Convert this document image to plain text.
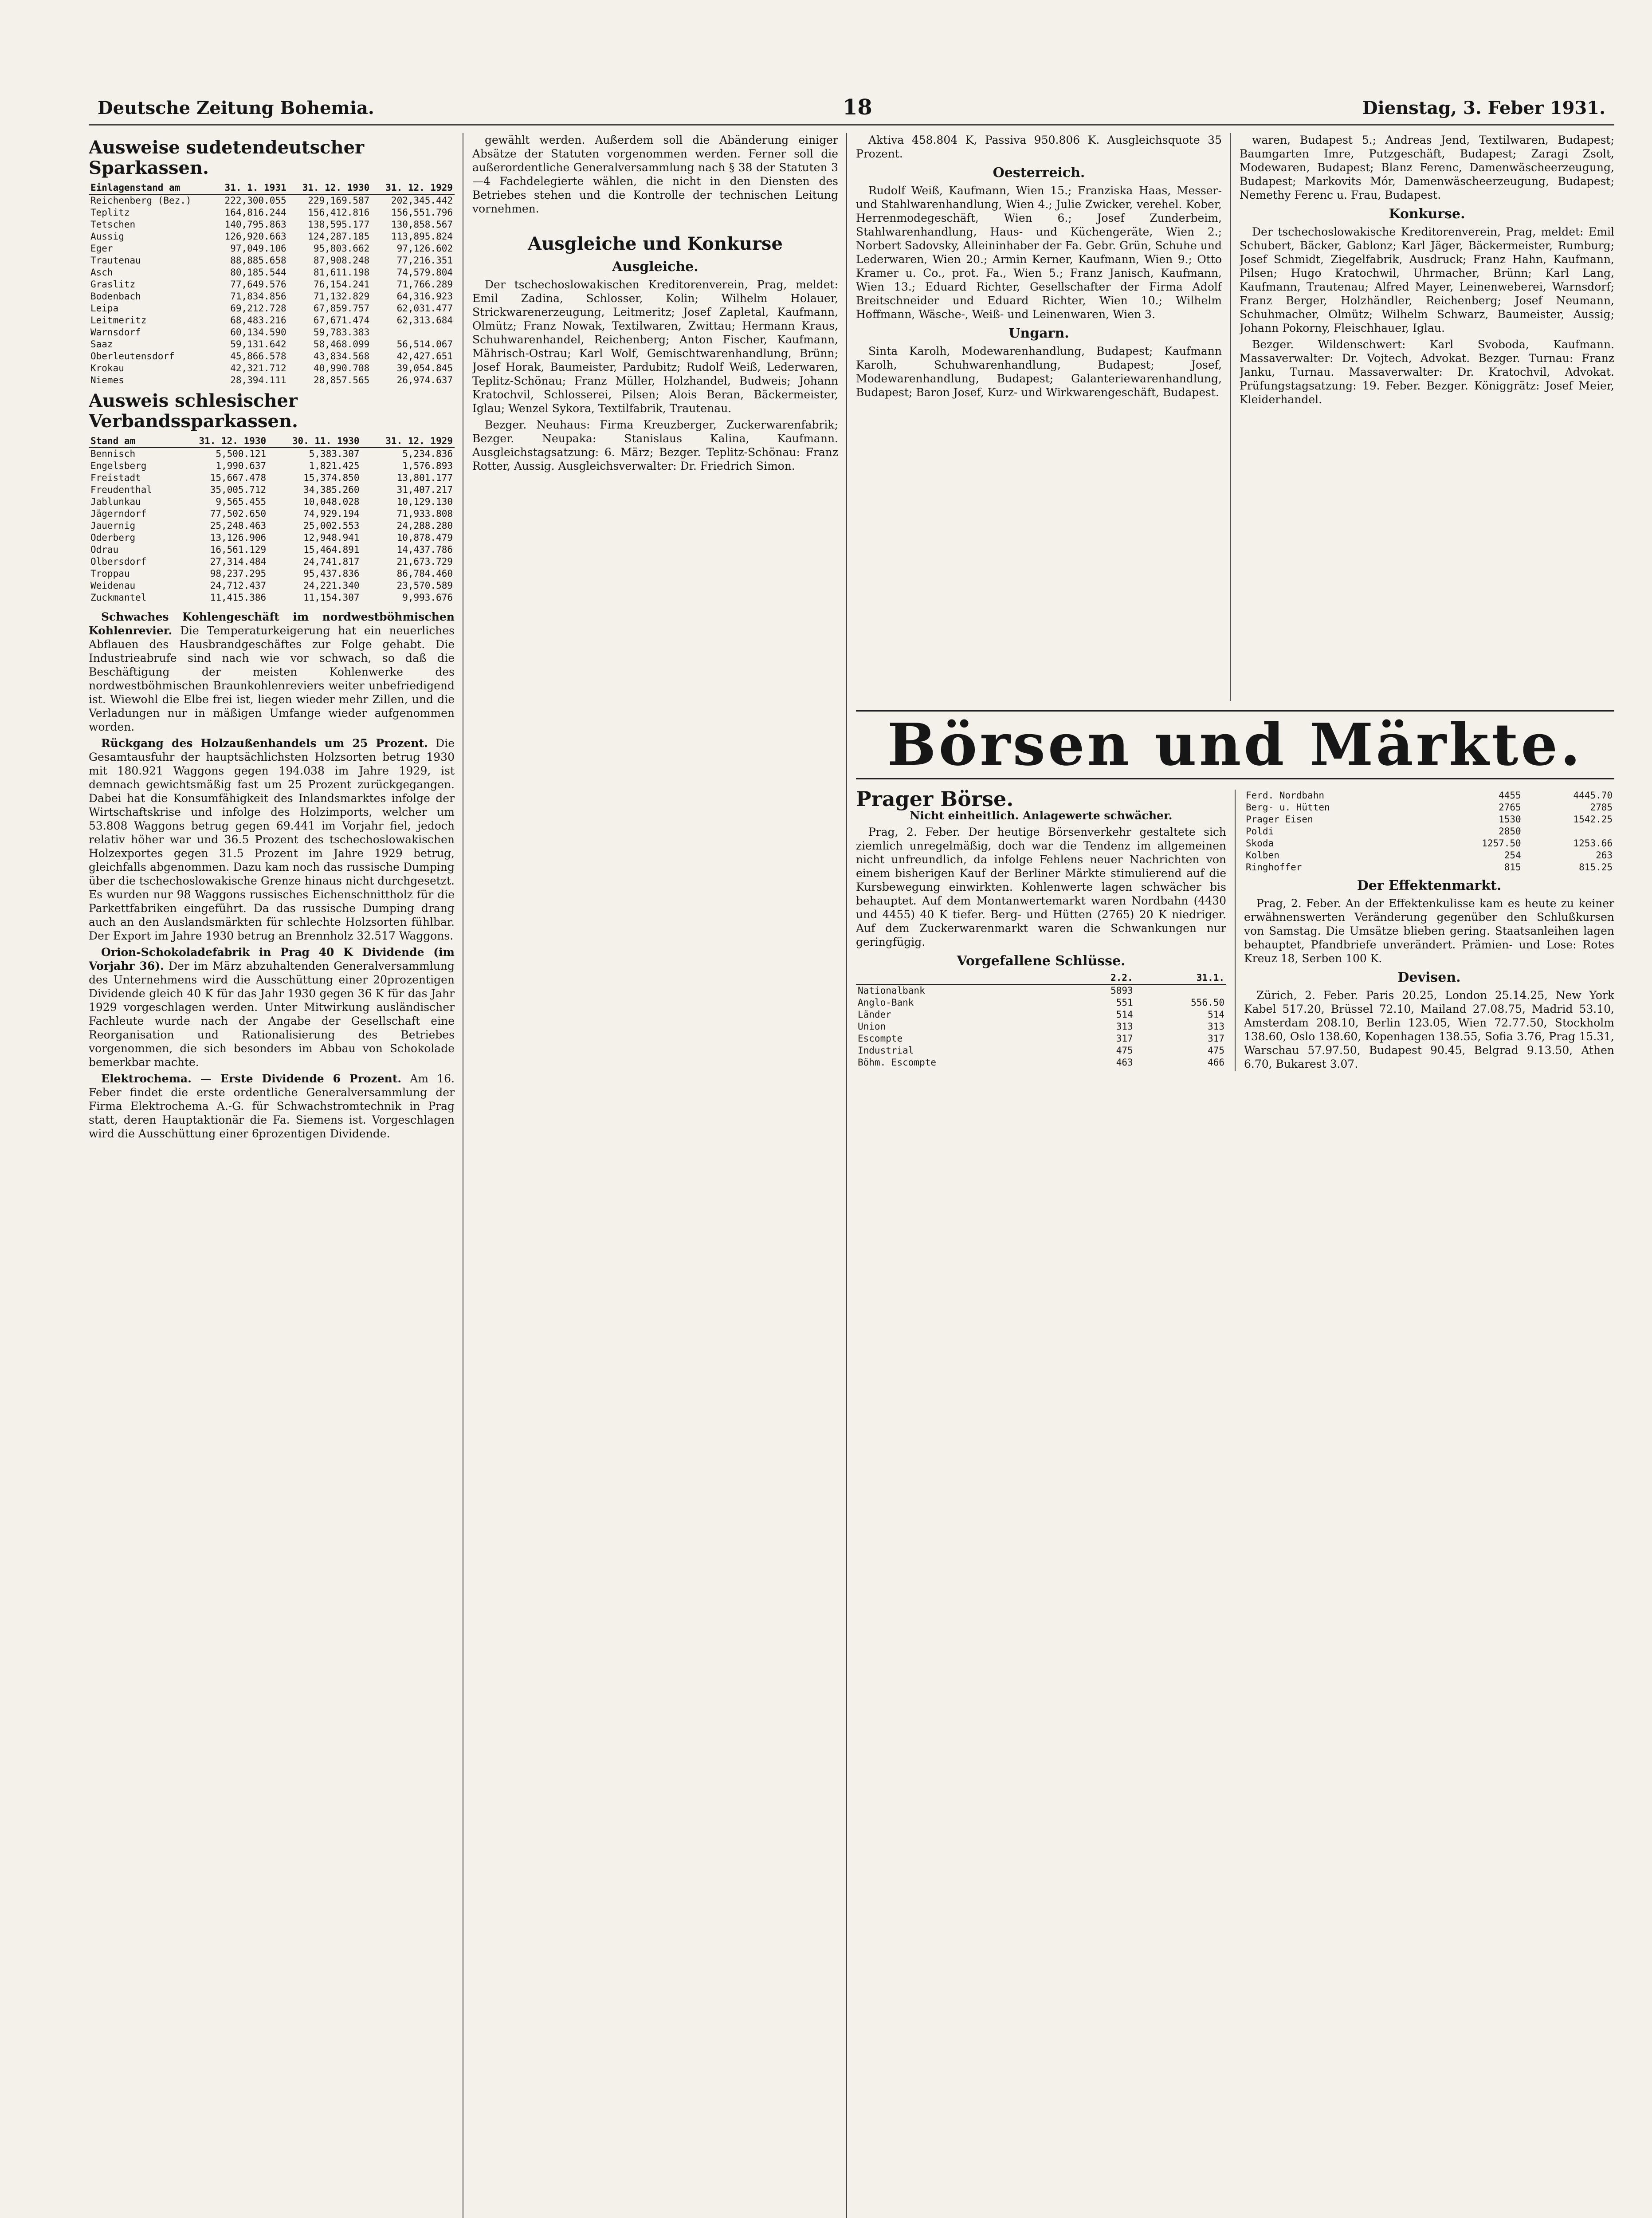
Deutsche Zeitung Bohemia.	18	Dienstag, 3. Feber 1931.
Ausweise sudetendeutscher Sparkassen.
Einlagenstand am	31. 1. 1931	31. 12. 1930	31. 12. 1929
Reichenberg (Bez.)	222,300.055	229,169.587	202,345.442
Teplitz	164,816.244	156,412.816	156,551.796
Tetschen	140,795.863	138,595.177	130,858.567
Aussig	126,920.663	124,287.185	113,895.824
Eger	97,049.106	95,803.662	97,126.602
Trautenau	88,885.658	87,908.248	77,216.351
Asch	80,185.544	81,611.198	74,579.804
Graslitz	77,649.576	76,154.241	71,766.289
Bodenbach	71,834.856	71,132.829	64,316.923
Leipa	69,212.728	67,859.757	62,031.477
Leitmeritz	68,483.216	67,671.474	62,313.684
Warnsdorf	60,134.590	59,783.383	
Saaz	59,131.642	58,468.099	56,514.067
Oberleutensdorf	45,866.578	43,834.568	42,427.651
Krokau	42,321.712	40,990.708	39,054.845
Niemes	28,394.111	28,857.565	26,974.637
Ausweis schlesischer Verbandssparkassen.
Stand am	31. 12. 1930	30. 11. 1930	31. 12. 1929
Bennisch	5,500.121	5,383.307	5,234.836
Engelsberg	1,990.637	1,821.425	1,576.893
Freistadt	15,667.478	15,374.850	13,801.177
Freudenthal	35,005.712	34,385.260	31,407.217
Jablunkau	9,565.455	10,048.028	10,129.130
Jägerndorf	77,502.650	74,929.194	71,933.808
Jauernig	25,248.463	25,002.553	24,288.280
Oderberg	13,126.906	12,948.941	10,878.479
Odrau	16,561.129	15,464.891	14,437.786
Olbersdorf	27,314.484	24,741.817	21,673.729
Troppau	98,237.295	95,437.836	86,784.460
Weidenau	24,712.437	24,221.340	23,570.589
Zuckmantel	11,415.386	11,154.307	9,993.676

Schwaches Kohlengeschäft im nordwestböhmischen Kohlenrevier. Die Temperaturkeigerung hat ein neuerliches Abflauen des Hausbrandgeschäftes zur Folge gehabt. Die Industrieabrufe sind nach wie vor schwach, so daß die Beschäftigung der meisten Kohlenwerke des nordwestböhmischen Braunkohlenreviers weiter unbefriedigend ist. Wiewohl die Elbe frei ist, liegen wieder mehr Zillen, und die Verladungen nur in mäßigen Umfange wieder aufgenommen worden.

Rückgang des Holzaußenhandels um 25 Prozent. Die Gesamtausfuhr der hauptsächlichsten Holzsorten betrug 1930 mit 180.921 Waggons gegen 194.038 im Jahre 1929, ist demnach gewichtsmäßig fast um 25 Prozent zurückgegangen. Dabei hat die Konsumfähigkeit des Inlandsmarktes infolge der Wirtschaftskrise und infolge des Holzimports, welcher um 53.808 Waggons betrug gegen 69.441 im Vorjahr fiel, jedoch relativ höher war und 36.5 Prozent des tschechoslowakischen Holzexportes gegen 31.5 Prozent im Jahre 1929 betrug, gleichfalls abgenommen. Dazu kam noch das russische Dumping über die tschechoslowakische Grenze hinaus nicht durchgesetzt. Es wurden nur 98 Waggons russisches Eichenschnittholz für die Parkettfabriken eingeführt. Da das russische Dumping drang auch an den Auslandsmärkten für schlechte Holzsorten fühlbar. Der Export im Jahre 1930 betrug an Brennholz 32.517 Waggons.

Orion-Schokoladefabrik in Prag 40 K Dividende (im Vorjahr 36). Der im März abzuhaltenden Generalversammlung des Unternehmens wird die Ausschüttung einer 20prozentigen Dividende gleich 40 K für das Jahr 1930 gegen 36 K für das Jahr 1929 vorgeschlagen werden. Unter Mitwirkung ausländischer Fachleute wurde nach der Angabe der Gesellschaft eine Reorganisation und Rationalisierung des Betriebes vorgenommen, die sich besonders im Abbau von Schokolade bemerkbar machte.

Elektrochema. — Erste Dividende 6 Prozent. Am 16. Feber findet die erste ordentliche Generalversammlung der Firma Elektrochema A.-G. für Schwachstromtechnik in Prag statt, deren Hauptaktionär die Fa. Siemens ist. Vorgeschlagen wird die Ausschüttung einer 6prozentigen Dividende.

gewählt werden. Außerdem soll die Abänderung einiger Absätze der Statuten vorgenommen werden. Ferner soll die außerordentliche Generalversammlung nach § 38 der Statuten 3—4 Fachdelegierte wählen, die nicht in den Diensten des Betriebes stehen und die Kontrolle der technischen Leitung vornehmen.

Ausgleiche und Konkurse
Ausgleiche.

Der tschechoslowakischen Kreditorenverein, Prag, meldet: Emil Zadina, Schlosser, Kolin; Wilhelm Holauer, Strickwarenerzeugung, Leitmeritz; Josef Zapletal, Kaufmann, Olmütz; Franz Nowak, Textilwaren, Zwittau; Hermann Kraus, Schuhwarenhandel, Reichenberg; Anton Fischer, Kaufmann, Mährisch-Ostrau; Karl Wolf, Gemischtwarenhandlung, Brünn; Josef Horak, Baumeister, Pardubitz; Rudolf Weiß, Lederwaren, Teplitz-Schönau; Franz Müller, Holzhandel, Budweis; Johann Kratochvil, Schlosserei, Pilsen; Alois Beran, Bäckermeister, Iglau; Wenzel Sykora, Textilfabrik, Trautenau.

Bezger. Neuhaus: Firma Kreuzberger, Zuckerwarenfabrik; Bezger. Neupaka: Stanislaus Kalina, Kaufmann. Ausgleichstagsatzung: 6. März; Bezger. Teplitz-Schönau: Franz Rotter, Aussig. Ausgleichsverwalter: Dr. Friedrich Simon.

Aktiva 458.804 K, Passiva 950.806 K. Ausgleichsquote 35 Prozent.

Oesterreich.

Rudolf Weiß, Kaufmann, Wien 15.; Franziska Haas, Messer- und Stahlwarenhandlung, Wien 4.; Julie Zwicker, verehel. Kober, Herrenmodegeschäft, Wien 6.; Josef Zunderbeim, Stahlwarenhandlung, Haus- und Küchengeräte, Wien 2.; Norbert Sadovsky, Alleininhaber der Fa. Gebr. Grün, Schuhe und Lederwaren, Wien 20.; Armin Kerner, Kaufmann, Wien 9.; Otto Kramer u. Co., prot. Fa., Wien 5.; Franz Janisch, Kaufmann, Wien 13.; Eduard Richter, Gesellschafter der Firma Adolf Breitschneider und Eduard Richter, Wien 10.; Wilhelm Hoffmann, Wäsche-, Weiß- und Leinenwaren, Wien 3.

Ungarn.

Sinta Karolh, Modewarenhandlung, Budapest; Kaufmann Karolh, Schuhwarenhandlung, Budapest; Josef, Modewarenhandlung, Budapest; Galanteriewarenhandlung, Budapest; Baron Josef, Kurz- und Wirkwarengeschäft, Budapest.

waren, Budapest 5.; Andreas Jend, Textilwaren, Budapest; Baumgarten Imre, Putzgeschäft, Budapest; Zaragi Zsolt, Modewaren, Budapest; Blanz Ferenc, Damenwäscheerzeugung, Budapest; Markovits Mór, Damenwäscheerzeugung, Budapest; Nemethy Ferenc u. Frau, Budapest.

Konkurse.

Der tschechoslowakische Kreditorenverein, Prag, meldet: Emil Schubert, Bäcker, Gablonz; Karl Jäger, Bäckermeister, Rumburg; Josef Schmidt, Ziegelfabrik, Ausdruck; Franz Hahn, Kaufmann, Pilsen; Hugo Kratochwil, Uhrmacher, Brünn; Karl Lang, Kaufmann, Trautenau; Alfred Mayer, Leinenweberei, Warnsdorf; Franz Berger, Holzhändler, Reichenberg; Josef Neumann, Schuhmacher, Olmütz; Wilhelm Schwarz, Baumeister, Aussig; Johann Pokorny, Fleischhauer, Iglau.

Bezger. Wildenschwert: Karl Svoboda, Kaufmann. Massaverwalter: Dr. Vojtech, Advokat. Bezger. Turnau: Franz Janku, Turnau. Massaverwalter: Dr. Kratochvil, Advokat. Prüfungstagsatzung: 19. Feber. Bezger. Königgrätz: Josef Meier, Kleiderhandel.

Börsen und Märkte.
Prager Börse.

Nicht einheitlich. Anlagewerte schwächer.

Prag, 2. Feber. Der heutige Börsenverkehr gestaltete sich ziemlich unregelmäßig, doch war die Tendenz im allgemeinen nicht unfreundlich, da infolge Fehlens neuer Nachrichten von einem bisherigen Kauf der Berliner Märkte stimulierend auf die Kursbewegung einwirkten. Kohlenwerte lagen schwächer bis behauptet. Auf dem Montanwertemarkt waren Nordbahn (4430 und 4455) 40 K tiefer. Berg- und Hütten (2765) 20 K niedriger. Auf dem Zuckerwarenmarkt waren die Schwankungen nur geringfügig.

Vorgefallene Schlüsse.
	2.2.	31.1.
Nationalbank	5893	
Anglo-Bank	551	556.50
Länder	514	514
Union	313	313
Escompte	317	317
Industrial	475	475
Böhm. Escompte	463	466
Ferd. Nordbahn	4455	4445.70
Berg- u. Hütten	2765	2785
Prager Eisen	1530	1542.25
Poldi	2850	
Skoda	1257.50	1253.66
Kolben	254	263
Ringhoffer	815	815.25
Der Effektenmarkt.

Prag, 2. Feber. An der Effektenkulisse kam es heute zu keiner erwähnenswerten Veränderung gegenüber den Schlußkursen von Samstag. Die Umsätze blieben gering. Staatsanleihen lagen behauptet, Pfandbriefe unverändert. Prämien- und Lose: Rotes Kreuz 18, Serben 100 K.

Devisen.

Zürich, 2. Feber. Paris 20.25, London 25.14.25, New York Kabel 517.20, Brüssel 72.10, Mailand 27.08.75, Madrid 53.10, Amsterdam 208.10, Berlin 123.05, Wien 72.77.50, Stockholm 138.60, Oslo 138.60, Kopenhagen 138.55, Sofia 3.76, Prag 15.31, Warschau 57.97.50, Budapest 90.45, Belgrad 9.13.50, Athen 6.70, Bukarest 3.07.
